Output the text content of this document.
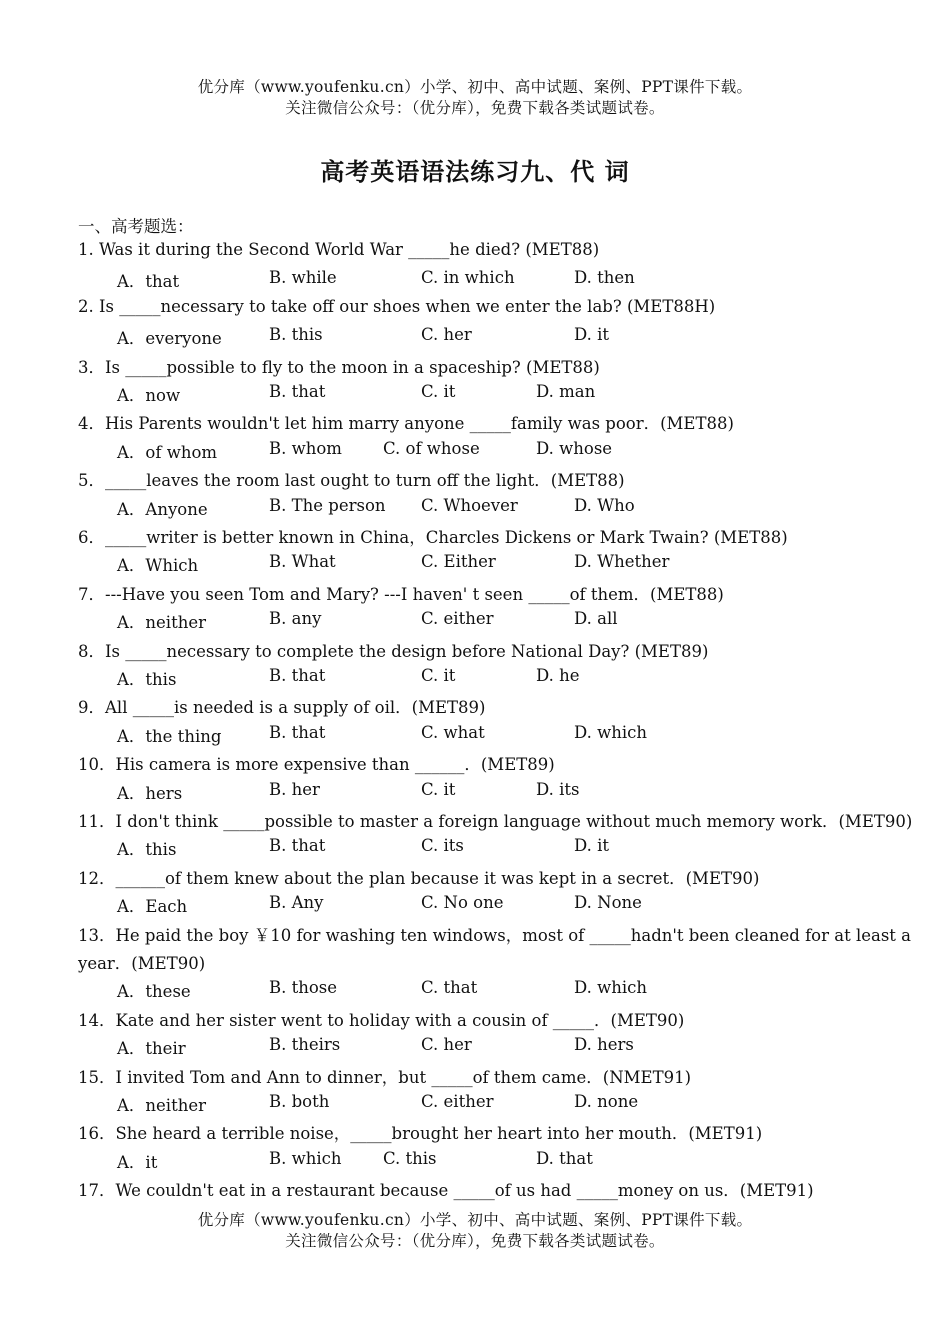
优分库（www.youfenku.cn）小学、初中、高中试题、案例、PPT课件下载。
关注微信公众号：（优分库），免费下载各类试题试卷。
高考英语语法练习九、代 词
一、高考题选：
1. Was it during the Second World War _____he died? (MET88)
A．that	B. while	C. in which	D. then
2. Is _____necessary to take off our shoes when we enter the lab? (MET88H)
A．everyone	B. this	C. her	D. it
3．Is _____possible to fly to the moon in a spaceship? (MET88)
A．now	B. that	C. it	D. man
4．His Parents wouldn't let him marry anyone _____family was poor．(MET88)
A．of whom	B. whom C. of whose	D. whose
5．_____leaves the room last ought to turn off the light．(MET88)
A．Anyone	B. The person C. Whoever	D. Who
6．_____writer is better known in China，Charcles Dickens or Mark Twain? (MET88)
A．Which	B. What	C. Either	D. Whether
7．---Have you seen Tom and Mary? ---I haven' t seen _____of them．(MET88)
A．neither	B. any	C. either	D. all
8．Is _____necessary to complete the design before National Day? (MET89)
A．this	B. that	C. it	D. he
9．All _____is needed is a supply of oil．(MET89)
A．the thing	B. that	C. what	D. which
10．His camera is more expensive than ______．(MET89)
A．hers	B. her	C. it	D. its
11．I don't think _____possible to master a foreign language without much memory work．(MET90)
A．this	B. that	C. its	D. it
12．______of them knew about the plan because it was kept in a secret．(MET90)
A．Each	B. Any	C. No one	D. None
13．He paid the boy ￥10 for washing ten windows，most of _____hadn't been cleaned for at least a
year．(MET90)
A．these	B. those	C. that	D. which
14．Kate and her sister went to holiday with a cousin of _____．(MET90)
A．their	B. theirs	C. her	D. hers
15．I invited Tom and Ann to dinner，but _____of them came．(NMET91)
A．neither	B. both	C. either	D. none
16．She heard a terrible noise，_____brought her heart into her mouth．(MET91)
A．it	B. which	C. this	D. that
17．We couldn't eat in a restaurant because _____of us had _____money on us．(MET91)
优分库（www.youfenku.cn）小学、初中、高中试题、案例、PPT课件下载。
关注微信公众号：（优分库），免费下载各类试题试卷。
